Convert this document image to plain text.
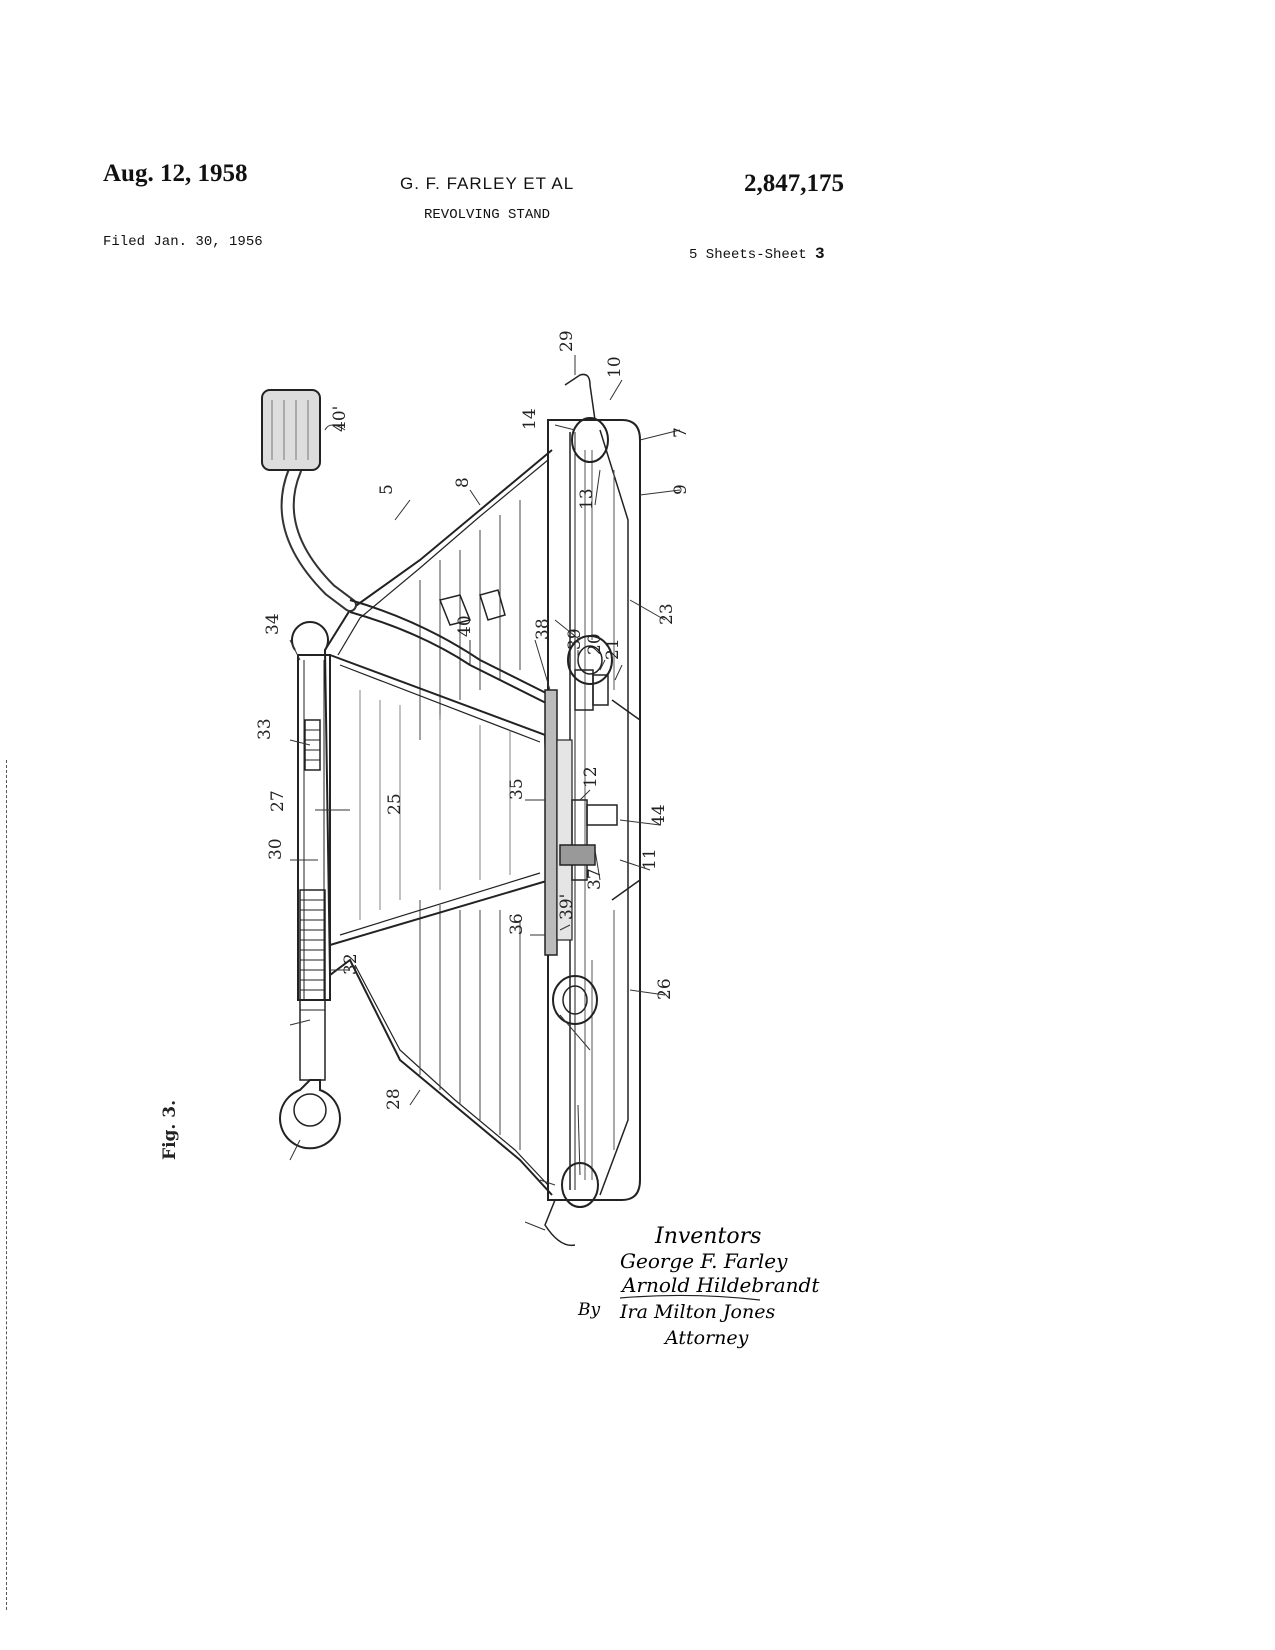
Aug. 12, 1958	G. F. FARLEY ET AL
REVOLVING STAND
2,847,175
Filed Jan. 30, 1956
5 Sheets-Sheet 3
29
10
7
14
13	9
40'
5
8
23
34	38 39 20
21
33
40
12
27	25
35
44
30
37
11
36
39'
32
26
28
Fig. 3.
Inventors
George F. Farley
Arnold Hildebrandt
By Ira Milton Jones
Attorney
